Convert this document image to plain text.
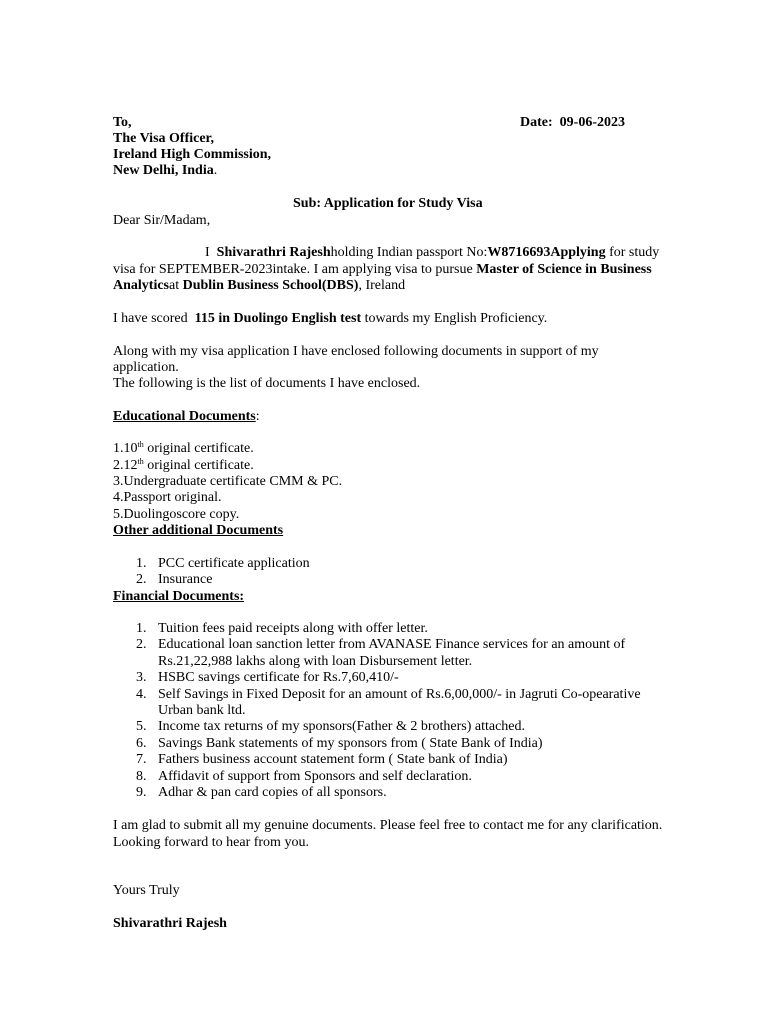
To,
The Visa Officer,
Ireland High Commission,
New Delhi, India.
Date: 09-06-2023
Sub: Application for Study Visa
Dear Sir/Madam,
I Shivarathri Rajeshholding Indian passport No:W8716693Applying for study
visa for SEPTEMBER-2023intake. I am applying visa to pursue Master of Science in Business
Analyticsat Dublin Business School(DBS), Ireland
I have scored  115 in Duolingo English test towards my English Proficiency.
Along with my visa application I have enclosed following documents in support of my
application.
The following is the list of documents I have enclosed.
Educational Documents:
1.10th original certificate.
2.12th original certificate.
3.Undergraduate certificate CMM & PC.
4.Passport original.
5.Duolingoscore copy.
Other additional Documents
1. PCC certificate application
2. Insurance
Financial Documents:
1. Tuition fees paid receipts along with offer letter.
2. Educational loan sanction letter from AVANASE Finance services for an amount of Rs.21,22,988 lakhs along with loan Disbursement letter.
3. HSBC savings certificate for Rs.7,60,410/-
4. Self Savings in Fixed Deposit for an amount of Rs.6,00,000/- in Jagruti Co-opearative Urban bank ltd.
5. Income tax returns of my sponsors(Father & 2 brothers) attached.
6. Savings Bank statements of my sponsors from ( State Bank of India)
7. Fathers business account statement form ( State bank of India)
8. Affidavit of support from Sponsors and self declaration.
9. Adhar & pan card copies of all sponsors.
I am glad to submit all my genuine documents. Please feel free to contact me for any clarification.
Looking forward to hear from you.
Yours Truly
Shivarathri Rajesh
